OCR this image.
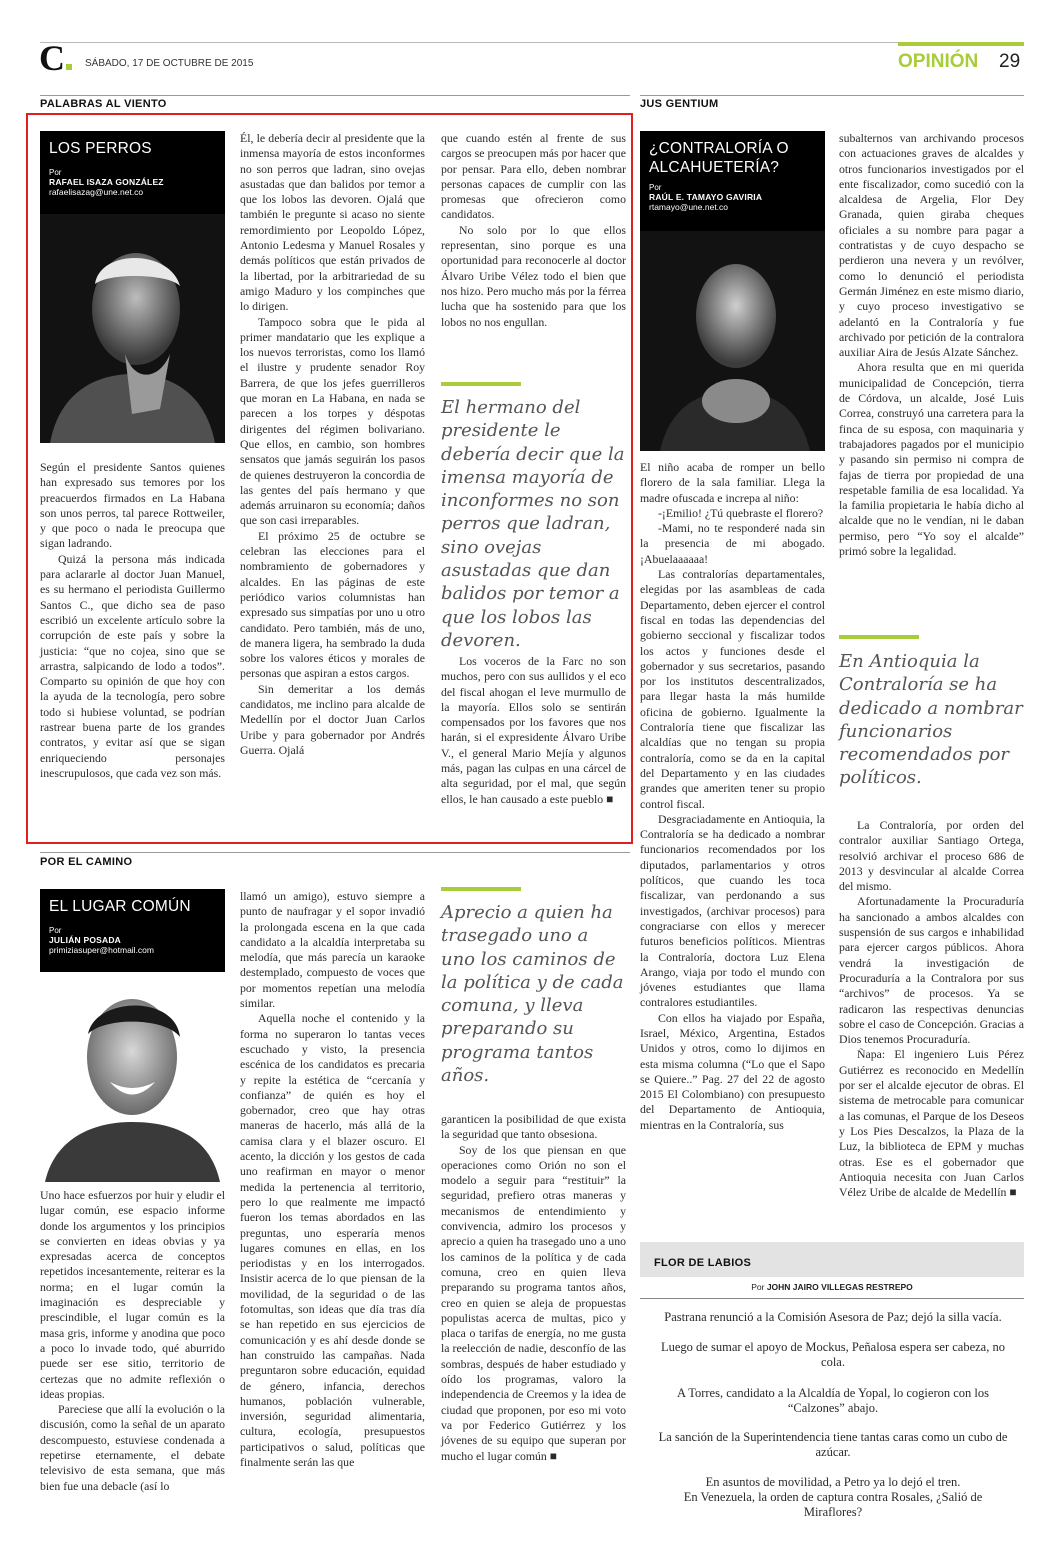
C	SÁBADO, 17 DE OCTUBRE DE 2015	OPINIÓN 29
PALABRAS AL VIENTO	JUS GENTIUM
LOS PERROS
Por
RAFAEL ISAZA GONZÁLEZ
rafaelisazag@une.net.co

Según el presidente Santos quienes han expresado sus temores por los preacuerdos firmados en La Habana son unos perros, tal parece Rottweiler, y que poco o nada le preocupa que sigan ladrando.

Quizá la persona más indicada para aclararle al doctor Juan Manuel, es su hermano el periodista Guillermo Santos C., que dicho sea de paso escribió un excelente artículo sobre la corrupción de este país y sobre la justicia: “que no cojea, sino que se arrastra, salpicando de lodo a todos”. Comparto su opinión de que hoy con la ayuda de la tecnología, pero sobre todo si hubiese voluntad, se podrían rastrear buena parte de los grandes contratos, y evitar así que se sigan enriqueciendo personajes inescrupulosos, que cada vez son más.

Él, le debería decir al presidente que la inmensa mayoría de estos inconformes no son perros que ladran, sino ovejas asustadas que dan balidos por temor a que los lobos las devoren. Ojalá que también le pregunte si acaso no siente remordimiento por Leopoldo López, Antonio Ledesma y Manuel Rosales y demás políticos que están privados de la libertad, por la arbitrariedad de su amigo Maduro y los compinches que lo dirigen.

Tampoco sobra que le pida al primer mandatario que les explique a los nuevos terroristas, como los llamó el ilustre y prudente senador Roy Barrera, de que los jefes guerrilleros que moran en La Habana, en nada se parecen a los torpes y déspotas dirigentes del régimen bolivariano. Que ellos, en cambio, son hombres sensatos que jamás seguirán los pasos de quienes destruyeron la concordia de las gentes del país hermano y que además arruinaron su economía; daños que son casi irreparables.

El próximo 25 de octubre se celebran las elecciones para el nombramiento de gobernadores y alcaldes. En las páginas de este periódico varios columnistas han expresado sus simpatías por uno u otro candidato. Pero también, más de uno, de manera ligera, ha sembrado la duda sobre los valores éticos y morales de personas que aspiran a estos cargos.

Sin demeritar a los demás candidatos, me inclino para alcalde de Medellín por el doctor Juan Carlos Uribe y para gobernador por Andrés Guerra. Ojalá

que cuando estén al frente de sus cargos se preocupen más por hacer que por pensar. Para ello, deben nombrar personas capaces de cumplir con las promesas que ofrecieron como candidatos.

No solo por lo que ellos representan, sino porque es una oportunidad para reconocerle al doctor Álvaro Uribe Vélez todo el bien que nos hizo. Pero mucho más por la férrea lucha que ha sostenido para que los lobos no nos engullan.

El hermano del presidente le debería decir que la imensa mayoría de inconformes no son perros que ladran, sino ovejas asustadas que dan balidos por temor a que los lobos las devoren.

Los voceros de la Farc no son muchos, pero con sus aullidos y el eco del fiscal ahogan el leve murmullo de la mayoría. Ellos solo se sentirán compensados por los favores que nos harán, si el expresidente Álvaro Uribe V., el general Mario Mejía y algunos más, pagan las culpas en una cárcel de alta seguridad, por el mal, que según ellos, le han causado a este pueblo ■

POR EL CAMINO
EL LUGAR COMÚN
Por
JULIÁN POSADA
primiziasuper@hotmail.com

Uno hace esfuerzos por huir y eludir el lugar común, ese espacio informe donde los argumentos y los principios se convierten en ideas obvias y ya expresadas acerca de conceptos repetidos incesantemente, reiterar es la norma; en el lugar común la imaginación es despreciable y prescindible, el lugar común es la masa gris, informe y anodina que poco a poco lo invade todo, qué aburrido puede ser ese sitio, territorio de certezas que no admite reflexión o ideas propias.

Pareciese que allí la evolución o la discusión, como la señal de un aparato descompuesto, estuviese condenada a repetirse eternamente, el debate televisivo de esta semana, que más bien fue una debacle (así lo

llamó un amigo), estuvo siempre a punto de naufragar y el sopor invadió la prolongada escena en la que cada candidato a la alcaldía interpretaba su melodía, que más parecía un karaoke destemplado, compuesto de voces que por momentos repetían una melodía similar.

Aquella noche el contenido y la forma no superaron lo tantas veces escuchado y visto, la presencia escénica de los candidatos es precaria y repite la estética de “cercanía y confianza” de quién es hoy el gobernador, creo que hay otras maneras de hacerlo, más allá de la camisa clara y el blazer oscuro. El acento, la dicción y los gestos de cada uno reafirman en mayor o menor medida la pertenencia al territorio, pero lo que realmente me impactó fueron los temas abordados en las preguntas, uno esperaría menos lugares comunes en ellas, en los periodistas y en los interrogados. Insistir acerca de lo que piensan de la movilidad, de la seguridad o de las fotomultas, son ideas que día tras día se han repetido en sus ejercicios de comunicación y es ahí desde donde se han construido las campañas. Nada preguntaron sobre educación, equidad de género, infancia, derechos humanos, población vulnerable, inversión, seguridad alimentaria, cultura, ecología, presupuestos participativos o salud, políticas que finalmente serán las que

Aprecio a quien ha trasegado uno a uno los caminos de la política y de cada comuna, y lleva preparando su programa tantos años.

garanticen la posibilidad de que exista la seguridad que tanto obsesiona.

Soy de los que piensan en que operaciones como Orión no son el modelo a seguir para “restituir” la seguridad, prefiero otras maneras y mecanismos de entendimiento y convivencia, admiro los procesos y aprecio a quien ha trasegado uno a uno los caminos de la política y de cada comuna, creo en quien lleva preparando su programa tantos años, creo en quien se aleja de propuestas populistas acerca de multas, pico y placa o tarifas de energía, no me gusta la reelección de nadie, desconfío de las sombras, después de haber estudiado y oído los programas, valoro la independencia de Creemos y la idea de ciudad que proponen, por eso mi voto va por Federico Gutiérrez y los jóvenes de su equipo que superan por mucho el lugar común ■

¿CONTRALORÍA O ALCAHUETERÍA?
Por
RAÚL E. TAMAYO GAVIRIA
rtamayo@une.net.co

El niño acaba de romper un bello florero de la sala familiar. Llega la madre ofuscada e increpa al niño:

-¡Emilio! ¿Tú quebraste el florero?

-Mami, no te responderé nada sin la presencia de mi abogado. ¡Abuelaaaaaa!

Las contralorías departamentales, elegidas por las asambleas de cada Departamento, deben ejercer el control fiscal en todas las dependencias del gobierno seccional y fiscalizar todos los actos y funciones desde el gobernador y sus secretarios, pasando por los institutos descentralizados, para llegar hasta la más humilde oficina de gobierno. Igualmente la Contraloría tiene que fiscalizar las alcaldías que no tengan su propia contraloría, como se da en la capital del Departamento y en las ciudades grandes que ameriten tener su propio control fiscal.

Desgraciadamente en Antioquia, la Contraloría se ha dedicado a nombrar funcionarios recomendados por los diputados, parlamentarios y otros políticos, que cuando les toca fiscalizar, van perdonando a sus investigados, (archivar procesos) para congraciarse con ellos y merecer futuros beneficios políticos. Mientras la Contraloría, doctora Luz Elena Arango, viaja por todo el mundo con jóvenes estudiantes que llama contralores estudiantiles.

Con ellos ha viajado por España, Israel, México, Argentina, Estados Unidos y otros, como lo dijimos en esta misma columna (“Lo que el Sapo se Quiere..” Pag. 27 del 22 de agosto 2015 El Colombiano) con presupuesto del Departamento de Antioquia, mientras en la Contraloría, sus

subalternos van archivando procesos con actuaciones graves de alcaldes y otros funcionarios investigados por el ente fiscalizador, como sucedió con la alcaldesa de Argelia, Flor Dey Granada, quien giraba cheques oficiales a su nombre para pagar a contratistas y de cuyo despacho se perdieron una nevera y un revólver, como lo denunció el periodista Germán Jiménez en este mismo diario, y cuyo proceso investigativo se adelantó en la Contraloría y fue archivado por petición de la contralora auxiliar Aira de Jesús Alzate Sánchez.

Ahora resulta que en mi querida municipalidad de Concepción, tierra de Córdova, un alcalde, José Luis Correa, construyó una carretera para la finca de su esposa, con maquinaria y trabajadores pagados por el municipio y pasando sin permiso ni compra de fajas de tierra por propiedad de una respetable familia de esa localidad. Ya la familia propietaria le había dicho al alcalde que no le vendían, ni le daban permiso, pero “Yo soy el alcalde” primó sobre la legalidad.

En Antioquia la Contraloría se ha dedicado a nombrar funcionarios recomendados por políticos.

La Contraloría, por orden del contralor auxiliar Santiago Ortega, resolvió archivar el proceso 686 de 2013 y desvincular al alcalde Correa del mismo.

Afortunadamente la Procuraduría ha sancionado a ambos alcaldes con suspensión de sus cargos e inhabilidad para ejercer cargos públicos. Ahora vendrá la investigación de Procuraduría a la Contralora por sus “archivos” de procesos. Ya se radicaron las respectivas denuncias sobre el caso de Concepción. Gracias a Dios tenemos Procuraduría.

Ñapa: El ingeniero Luis Pérez Gutiérrez es reconocido en Medellín por ser el alcalde ejecutor de obras. El sistema de metrocable para comunicar a las comunas, el Parque de los Deseos y Los Pies Descalzos, la Plaza de la Luz, la biblioteca de EPM y muchas otras. Ese es el gobernador que Antioquia necesita con Juan Carlos Vélez Uribe de alcalde de Medellín ■

FLOR DE LABIOS
Por JOHN JAIRO VILLEGAS RESTREPO
Pastrana renunció a la Comisión Asesora de Paz; dejó la silla vacía.
Luego de sumar el apoyo de Mockus, Peñalosa espera ser cabeza, no cola.
A Torres, candidato a la Alcaldía de Yopal, lo cogieron con los “Calzones” abajo.
La sanción de la Superintendencia tiene tantas caras como un cubo de azúcar.
En asuntos de movilidad, a Petro ya lo dejó el tren.
En Venezuela, la orden de captura contra Rosales, ¿Salió de Miraflores?
